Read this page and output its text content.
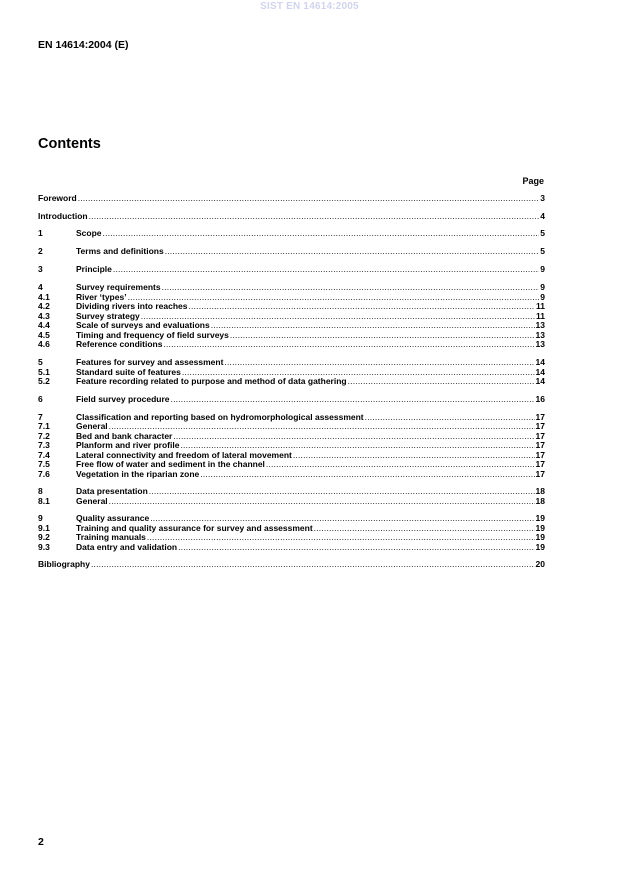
SIST EN 14614:2005
EN 14614:2004 (E)
Contents
Page
Foreword .....	3
Introduction .....	4
1	Scope .....	5
2	Terms and definitions .....	5
3	Principle .....	9
4	Survey requirements .....	9
4.1	River ‘types’ .....	9
4.2	Dividing rivers into reaches .....	11
4.3	Survey strategy .....	11
4.4	Scale of surveys and evaluations .....	13
4.5	Timing and frequency of field surveys .....	13
4.6	Reference conditions .....	13
5	Features for survey and assessment .....	14
5.1	Standard suite of features .....	14
5.2	Feature recording related to purpose and method of data gathering .....	14
6	Field survey procedure .....	16
7	Classification and reporting based on hydromorphological assessment .....	17
7.1	General .....	17
7.2	Bed and bank character .....	17
7.3	Planform and river profile .....	17
7.4	Lateral connectivity and freedom of lateral movement .....	17
7.5	Free flow of water and sediment in the channel .....	17
7.6	Vegetation in the riparian zone .....	17
8	Data presentation .....	18
8.1	General .....	18
9	Quality assurance .....	19
9.1	Training and quality assurance for survey and assessment .....	19
9.2	Training manuals .....	19
9.3	Data entry and validation .....	19
Bibliography .....	20
2
